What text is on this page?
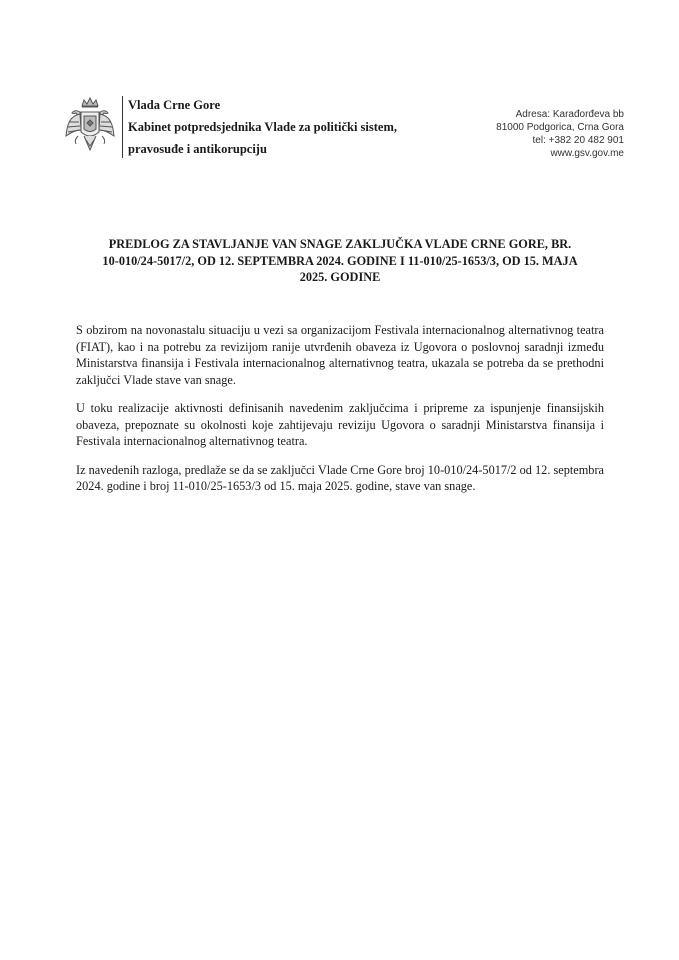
Vlada Crne Gore
Kabinet potpredsjednika Vlade za politički sistem,
pravosuđe i antikorupciju
Adresa: Karađorđeva bb
81000 Podgorica, Crna Gora
tel: +382 20 482 901
www.gsv.gov.me
PREDLOG ZA STAVLJANJE VAN SNAGE ZAKLJUČKA VLADE CRNE GORE, BR.
10-010/24-5017/2, OD 12. SEPTEMBRA 2024. GODINE I 11-010/25-1653/3, OD 15. MAJA
2025. GODINE

S obzirom na novonastalu situaciju u vezi sa organizacijom Festivala internacionalnog alternativnog teatra (FIAT), kao i na potrebu za revizijom ranije utvrđenih obaveza iz Ugovora o poslovnoj saradnji između Ministarstva finansija i Festivala internacionalnog alternativnog teatra, ukazala se potreba da se prethodni zaključci Vlade stave van snage.

U toku realizacije aktivnosti definisanih navedenim zaključcima i pripreme za ispunjenje finansijskih obaveza, prepoznate su okolnosti koje zahtijevaju reviziju Ugovora o saradnji Ministarstva finansija i Festivala internacionalnog alternativnog teatra.

Iz navedenih razloga, predlaže se da se zaključci Vlade Crne Gore broj 10-010/24-5017/2 od 12. septembra 2024. godine i broj 11-010/25-1653/3 od 15. maja 2025. godine, stave van snage.
